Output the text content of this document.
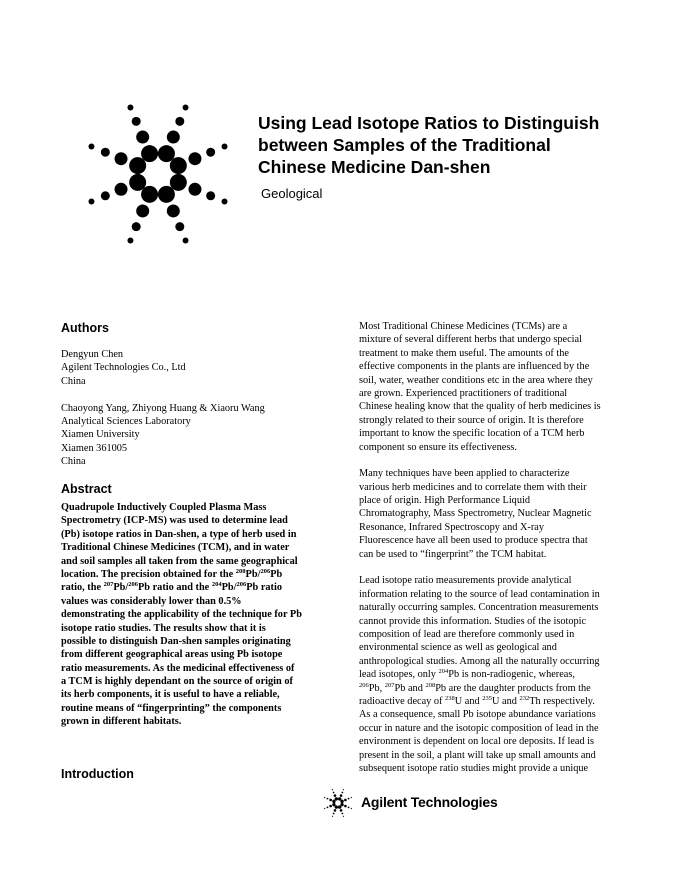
Using Lead Isotope Ratios to Distinguish
between Samples of the Traditional
Chinese Medicine Dan-shen
Geological
Authors
Dengyun Chen
Agilent Technologies Co., Ltd
China
Chaoyong Yang, Zhiyong Huang & Xiaoru Wang
Analytical Sciences Laboratory
Xiamen University
Xiamen 361005
China
Abstract
Quadrupole Inductively Coupled Plasma Mass
Spectrometry (ICP-MS) was used to determine lead
(Pb) isotope ratios in Dan-shen, a type of herb used in
Traditional Chinese Medicines (TCM), and in water
and soil samples all taken from the same geographical
location. The precision obtained for the $^{208}$Pb/$^{206}$Pb
ratio, the $^{207}$Pb/$^{206}$Pb ratio and the $^{204}$Pb/$^{206}$Pb ratio
values was considerably lower than 0.5%
demonstrating the applicability of the technique for Pb
isotope ratio studies. The results show that it is
possible to distinguish Dan-shen samples originating
from different geographical areas using Pb isotope
ratio measurements. As the medicinal effectiveness of
a TCM is highly dependant on the source of origin of
its herb components, it is useful to have a reliable,
routine means of “fingerprinting” the components
grown in different habitats.
Introduction
Most Traditional Chinese Medicines (TCMs) are a
mixture of several different herbs that undergo special
treatment to make them useful. The amounts of the
effective components in the plants are influenced by the
soil, water, weather conditions etc in the area where they
are grown. Experienced practitioners of traditional
Chinese healing know that the quality of herb medicines is
strongly related to their source of origin. It is therefore
important to know the specific location of a TCM herb
component so ensure its effectiveness.
Many techniques have been applied to characterize
various herb medicines and to correlate them with their
place of origin. High Performance Liquid
Chromatography, Mass Spectrometry, Nuclear Magnetic
Resonance, Infrared Spectroscopy and X-ray
Fluorescence have all been used to produce spectra that
can be used to “fingerprint” the TCM habitat.
Lead isotope ratio measurements provide analytical
information relating to the source of lead contamination in
naturally occurring samples. Concentration measurements
cannot provide this information. Studies of the isotopic
composition of lead are therefore commonly used in
environmental science as well as geological and
anthropological studies. Among all the naturally occurring
lead isotopes, only $^{204}$Pb is non-radiogenic, whereas,
$^{206}$Pb, $^{207}$Pb and $^{208}$Pb are the daughter products from the
radioactive decay of $^{238}$U and $^{235}$U and $^{232}$Th respectively.
As a consequence, small Pb isotope abundance variations
occur in nature and the isotopic composition of lead in the
environment is dependent on local ore deposits. If lead is
present in the soil, a plant will take up small amounts and
subsequent isotope ratio studies might provide a unique
Agilent Technologies
